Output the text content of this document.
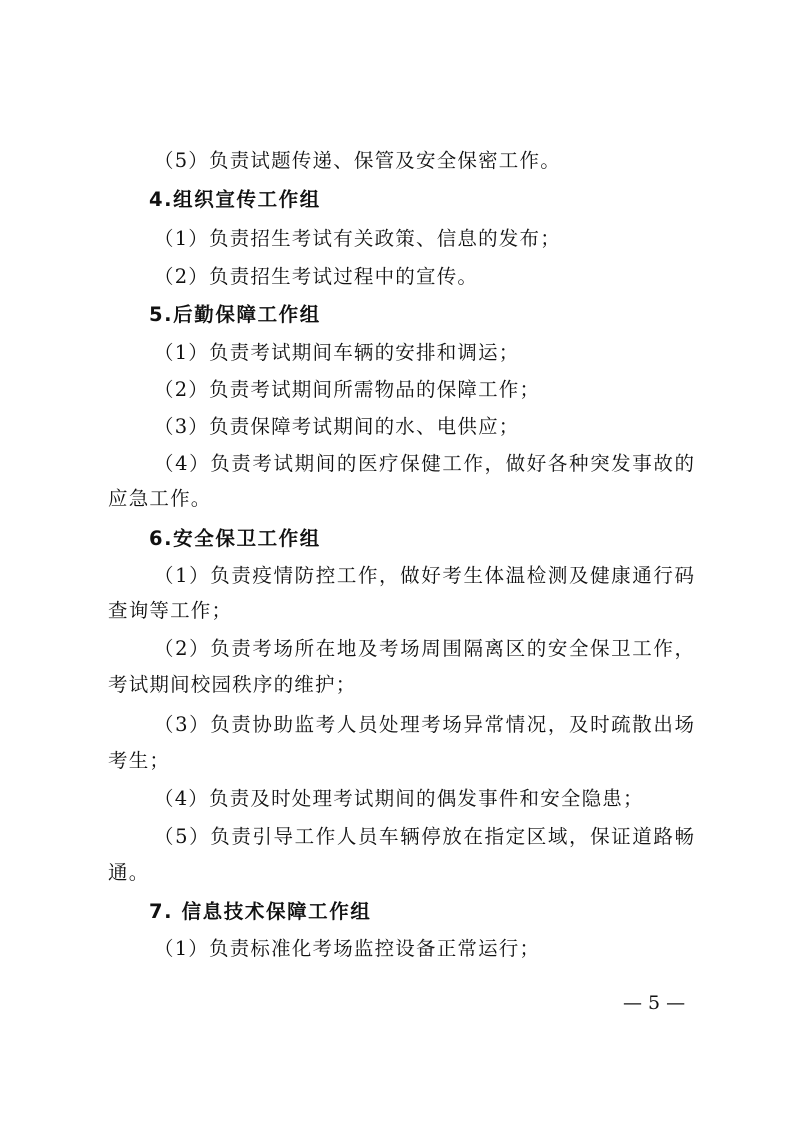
（5）负责试题传递、保管及安全保密工作。
4.组织宣传工作组
（1）负责招生考试有关政策、信息的发布；
（2）负责招生考试过程中的宣传。
5.后勤保障工作组
（1）负责考试期间车辆的安排和调运；
（2）负责考试期间所需物品的保障工作；
（3）负责保障考试期间的水、电供应；
（4）负责考试期间的医疗保健工作，做好各种突发事故的
应急工作。
6.安全保卫工作组
（1）负责疫情防控工作，做好考生体温检测及健康通行码
查询等工作；
（2）负责考场所在地及考场周围隔离区的安全保卫工作，
考试期间校园秩序的维护；
（3）负责协助监考人员处理考场异常情况，及时疏散出场
考生；
（4）负责及时处理考试期间的偶发事件和安全隐患；
（5）负责引导工作人员车辆停放在指定区域，保证道路畅
通。
7. 信息技术保障工作组
（1）负责标准化考场监控设备正常运行；
— 5 —
